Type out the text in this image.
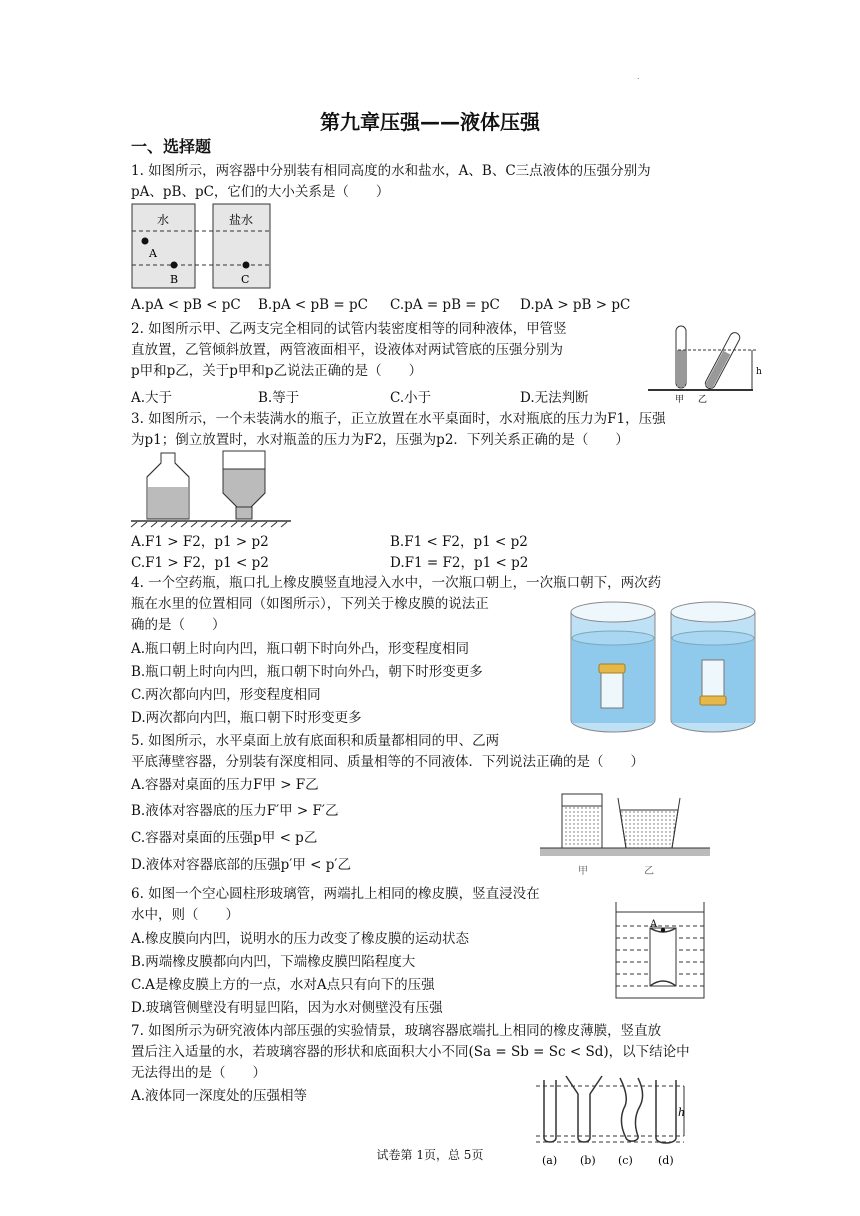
.
第九章压强——液体压强
一、选择题
1. 如图所示，两容器中分别装有相同高度的水和盐水，A、B、C三点液体的压强分别为
pA、pB、pC，它们的大小关系是（　　）
水	盐水
A
B	C
A.pA < pB < pC B.pA < pB = pC C.pA = pB = pC D.pA > pB > pC
2. 如图所示甲、乙两支完全相同的试管内装密度相等的同种液体，甲管竖
直放置，乙管倾斜放置，两管液面相平，设液体对两试管底的压强分别为
p甲和p乙，关于p甲和p乙说法正确的是（　　）	h
甲 乙
A.大于	B.等于	C.小于	D.无法判断
3. 如图所示，一个未装满水的瓶子，正立放置在水平桌面时，水对瓶底的压力为F1，压强
为p1；倒立放置时，水对瓶盖的压力为F2，压强为p2．下列关系正确的是（　　）
A.F1 > F2，p1 > p2	B.F1 < F2，p1 < p2
C.F1 > F2，p1 < p2	D.F1 = F2，p1 < p2
4. 一个空药瓶，瓶口扎上橡皮膜竖直地浸入水中，一次瓶口朝上，一次瓶口朝下，两次药
瓶在水里的位置相同（如图所示），下列关于橡皮膜的说法正
确的是（　　）
A.瓶口朝上时向内凹，瓶口朝下时向外凸，形变程度相同
B.瓶口朝上时向内凹，瓶口朝下时向外凸，朝下时形变更多
C.两次都向内凹，形变程度相同
D.两次都向内凹，瓶口朝下时形变更多
5. 如图所示，水平桌面上放有底面积和质量都相同的甲、乙两
平底薄壁容器，分别装有深度相同、质量相等的不同液体．下列说法正确的是（　　）
A.容器对桌面的压力F甲 > F乙
B.液体对容器底的压力F′甲 > F′乙
C.容器对桌面的压强p甲 < p乙
D.液体对容器底部的压强p′甲 < p′乙	甲	乙
6. 如图一个空心圆柱形玻璃管，两端扎上相同的橡皮膜，竖直浸没在
水中，则（　　）
A.橡皮膜向内凹，说明水的压力改变了橡皮膜的运动状态
B.两端橡皮膜都向内凹，下端橡皮膜凹陷程度大
C.A是橡皮膜上方的一点，水对A点只有向下的压强
D.玻璃管侧壁没有明显凹陷，因为水对侧壁没有压强
A
7. 如图所示为研究液体内部压强的实验情景，玻璃容器底端扎上相同的橡皮薄膜，竖直放
置后注入适量的水，若玻璃容器的形状和底面积大小不同(Sa = Sb = Sc < Sd)，以下结论中
无法得出的是（　　）
A.液体同一深度处的压强相等
h
(a) (b) (c) (d)
试卷第 1页，总 5页
